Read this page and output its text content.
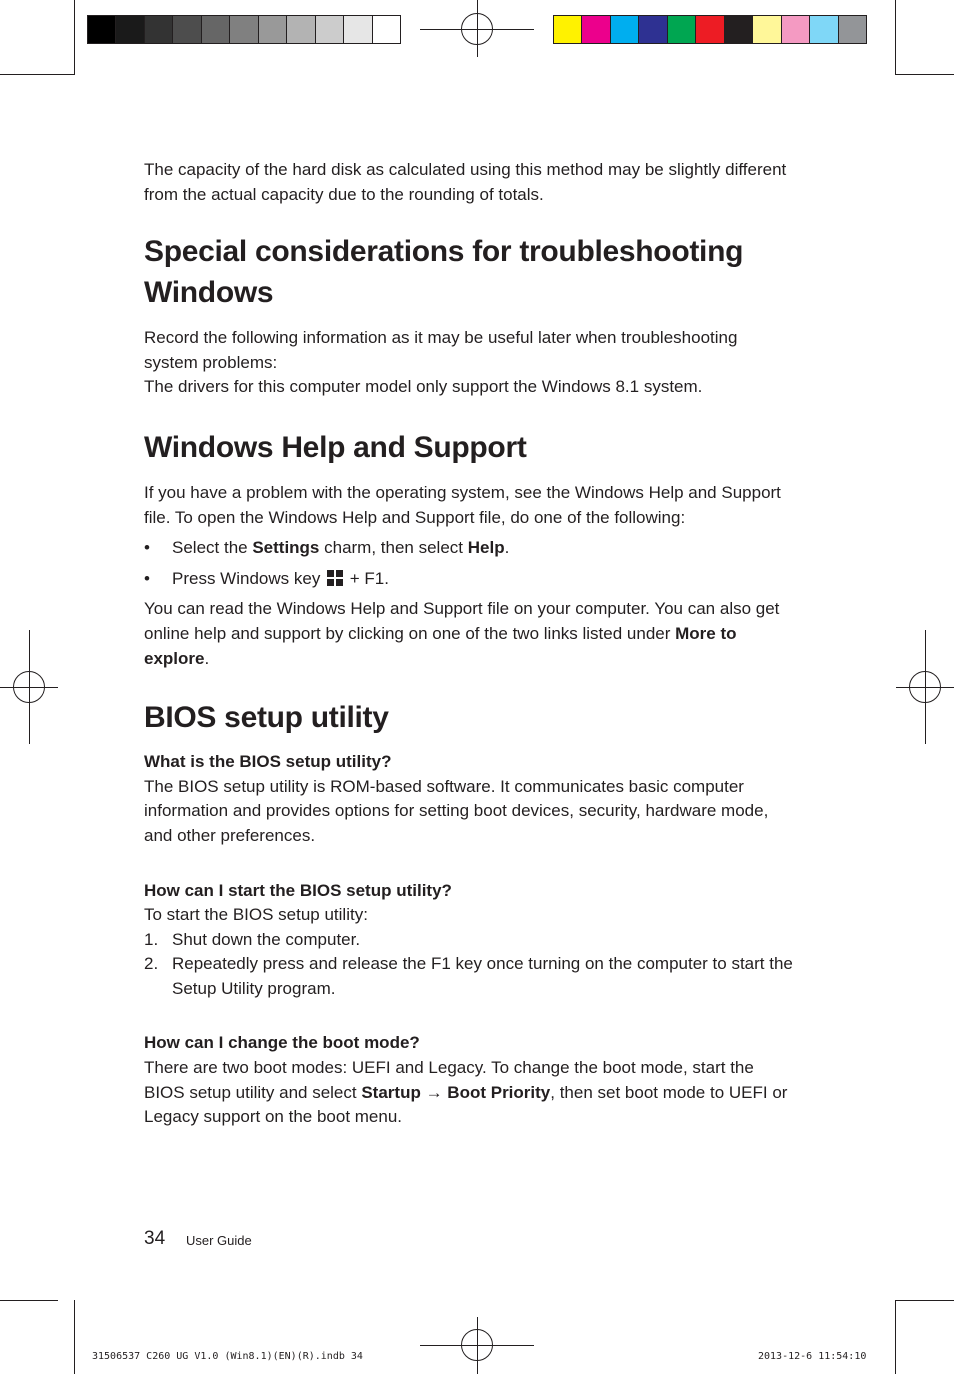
The capacity of the hard disk as calculated using this method may be slightly different from the actual capacity due to the rounding of totals.

Special considerations for troubleshooting Windows

Record the following information as it may be useful later when troubleshooting system problems:

The drivers for this computer model only support the Windows 8.1 system.

Windows Help and Support

If you have a problem with the operating system, see the Windows Help and Support file. To open the Windows Help and Support file, do one of the following:

• Select the Settings charm, then select Help.
• Press Windows key
+ F1.

You can read the Windows Help and Support file on your computer. You can also get online help and support by clicking on one of the two links listed under More to explore.

BIOS setup utility
What is the BIOS setup utility?

The BIOS setup utility is ROM-based software. It communicates basic computer information and provides options for setting boot devices, security, hardware mode, and other preferences.

How can I start the BIOS setup utility?

To start the BIOS setup utility:

1. Shut down the computer.
2. Repeatedly press and release the F1 key once turning on the computer to start the Setup Utility program.
How can I change the boot mode?

There are two boot modes: UEFI and Legacy. To change the boot mode, start the BIOS setup utility and select Startup → Boot Priority, then set boot mode to UEFI or Legacy support on the boot menu.

34 User Guide
31506537 C260 UG V1.0 (Win8.1)(EN)(R).indb 34	2013-12-6 11:54:10
